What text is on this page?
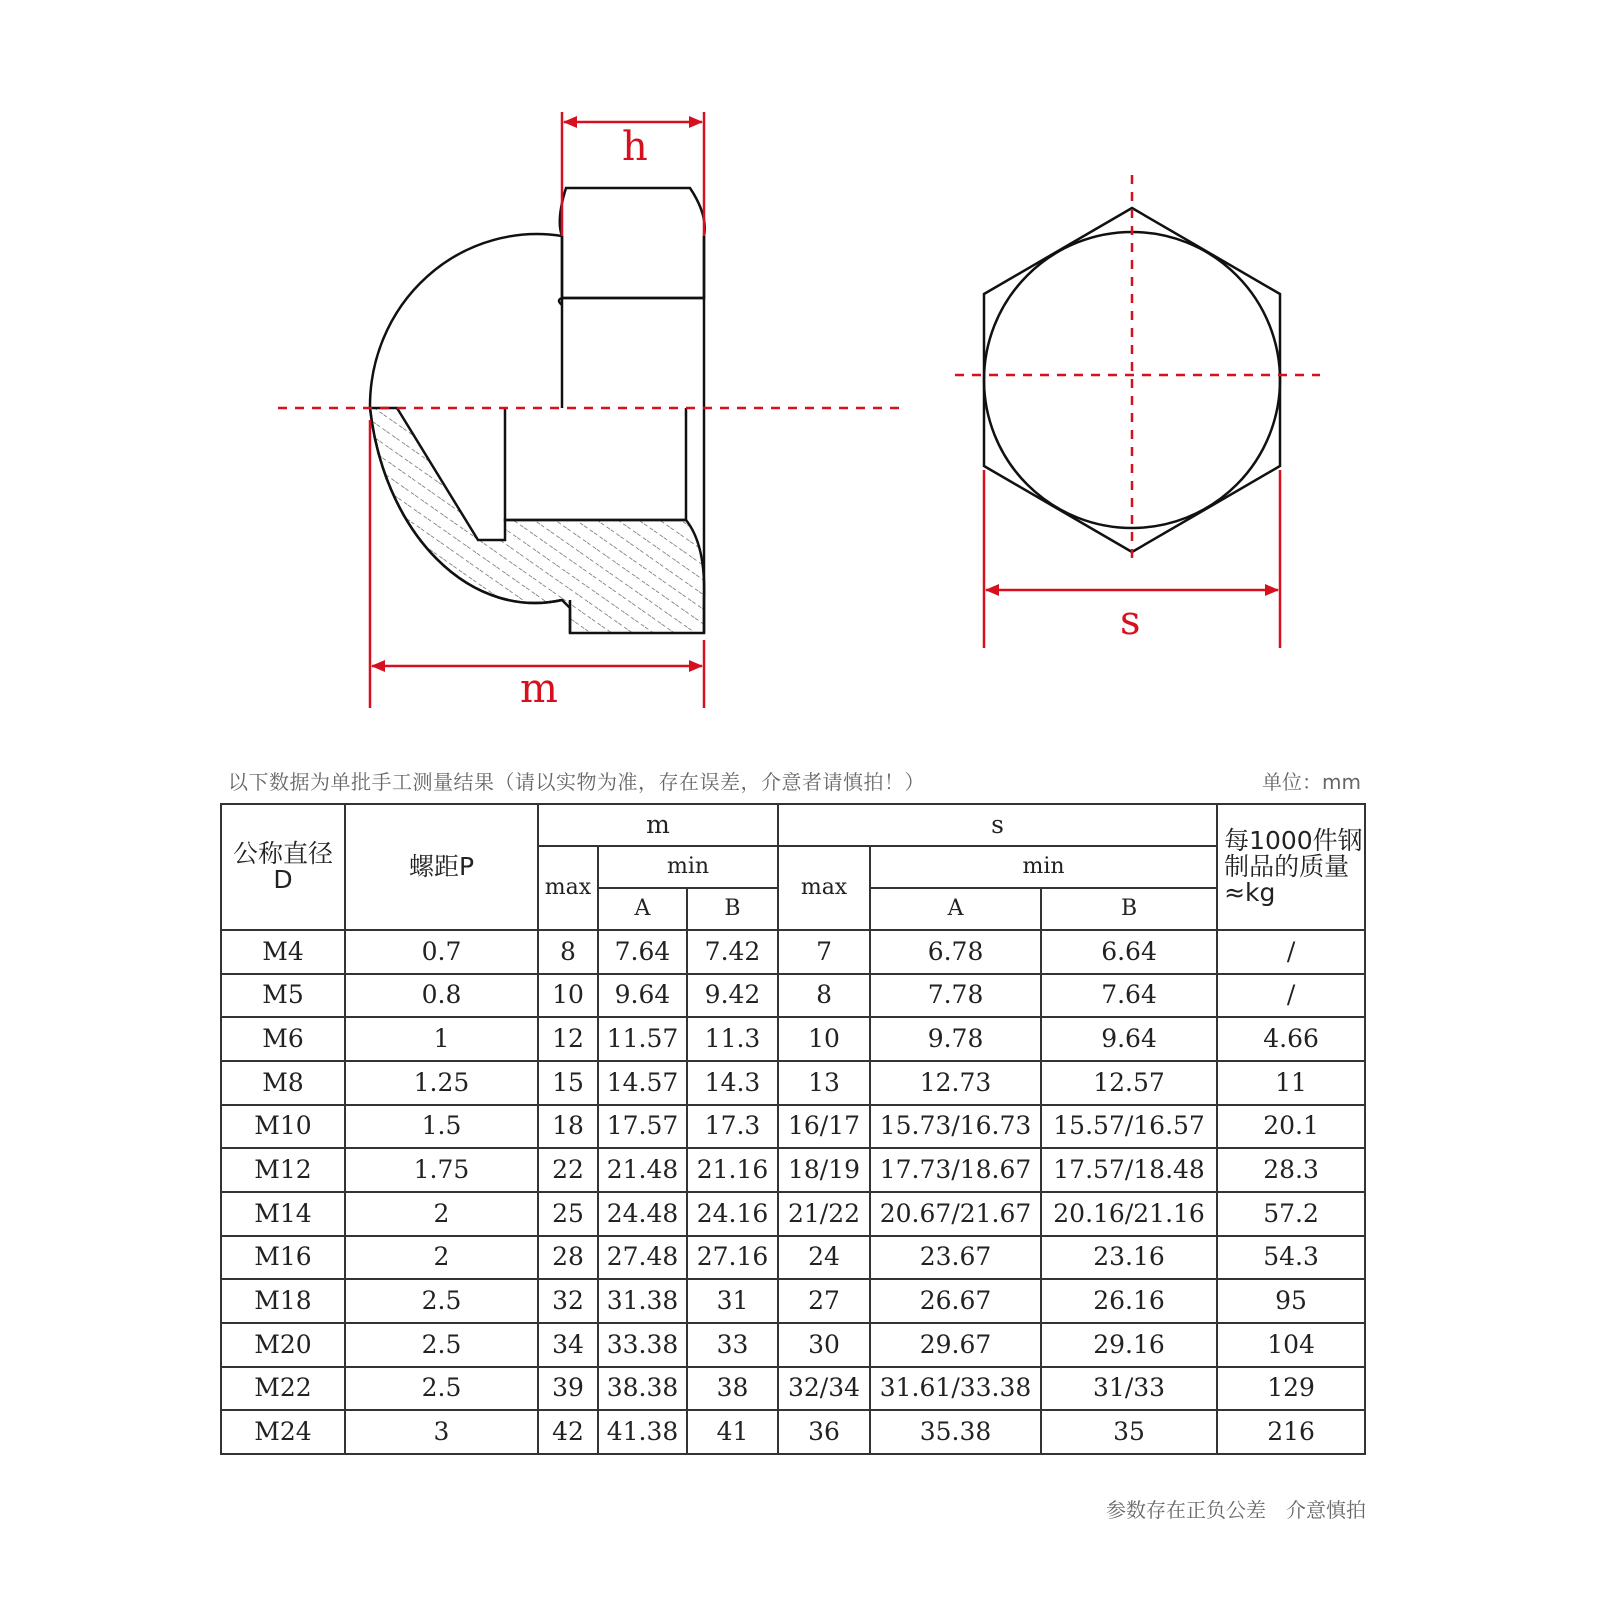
h
m
s
以下数据为单批手工测量结果（请以实物为准，存在误差，介意者请慎拍！）	单位：mm
公称直径
D	螺距P	m			s			每1000件钢制品的质量 ≈kg
		max	min		max	min		
			A	B		A	B	
M4	0.7	8	7.64	7.42	7	6.78	6.64	/
M5	0.8	10	9.64	9.42	8	7.78	7.64	/
M6	1	12	11.57	11.3	10	9.78	9.64	4.66
M8	1.25	15	14.57	14.3	13	12.73	12.57	11
M10	1.5	18	17.57	17.3	16/17	15.73/16.73	15.57/16.57	20.1
M12	1.75	22	21.48	21.16	18/19	17.73/18.67	17.57/18.48	28.3
M14	2	25	24.48	24.16	21/22	20.67/21.67	20.16/21.16	57.2
M16	2	28	27.48	27.16	24	23.67	23.16	54.3
M18	2.5	32	31.38	31	27	26.67	26.16	95
M20	2.5	34	33.38	33	30	29.67	29.16	104
M22	2.5	39	38.38	38	32/34	31.61/33.38	31/33	129
M24	3	42	41.38	41	36	35.38	35	216
参数存在正负公差　介意慎拍
